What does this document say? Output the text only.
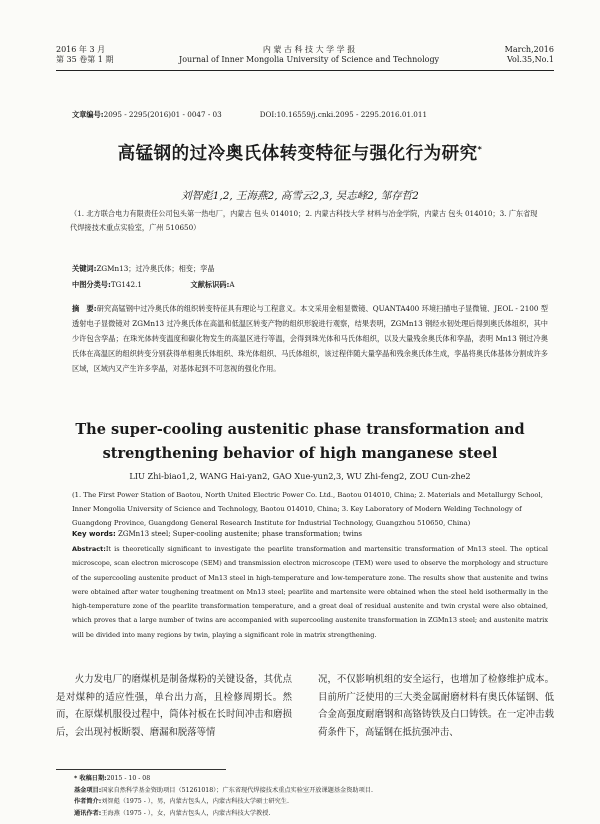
2016 年 3 月
第 35 卷第 1 期
内 蒙 古 科 技 大 学 学 报
Journal of Inner Mongolia University of Science and Technology
March,2016
Vol.35,No.1
文章编号:2095 - 2295(2016)01 - 0047 - 03	DOI:10.16559/j.cnki.2095 - 2295.2016.01.011
高锰钢的过冷奥氏体转变特征与强化行为研究*
刘智彪1,2, 王海燕2, 高雪云2,3, 吴志峰2, 邹存哲2
（1. 北方联合电力有限责任公司包头第一热电厂，内蒙古 包头 014010；2. 内蒙古科技大学 材料与冶金学院，内蒙古 包头 014010；3. 广东省现代焊接技术重点实验室，广州 510650）
关键词:ZGMn13；过冷奥氏体；相变；孪晶
中图分类号:TG142.1	文献标识码:A
摘　要:研究高锰钢中过冷奥氏体的组织转变特征具有理论与工程意义。本文采用金相显微镜、QUANTA400 环境扫描电子显微镜、JEOL - 2100 型透射电子显微镜对 ZGMn13 过冷奥氏体在高温和低温区转变产物的组织形貌进行观察，结果表明，ZGMn13 钢经水韧处理后得到奥氏体组织，其中少许包含孪晶；在珠光体转变温度和碳化物发生的高温区进行等温，会得到珠光体和马氏体组织，以及大量残余奥氏体和孪晶，表明 Mn13 钢过冷奥氏体在高温区的组织转变分别获得单相奥氏体组织、珠光体组织、马氏体组织，该过程伴随大量孪晶和残余奥氏体生成，孪晶将奥氏体基体分割成许多区域，区域内又产生许多孪晶，对基体起到不可忽视的强化作用。
The super-cooling austenitic phase transformation and strengthening behavior of high manganese steel
LIU Zhi-biao1,2, WANG Hai-yan2, GAO Xue-yun2,3, WU Zhi-feng2, ZOU Cun-zhe2
(1. The First Power Station of Baotou, North United Electric Power Co. Ltd., Baotou 014010, China; 2. Materials and Metallurgy School, Inner Mongolia University of Science and Technology, Baotou 014010, China; 3. Key Laboratory of Modern Welding Technology of Guangdong Province, Guangdong General Research Institute for Industrial Technology, Guangzhou 510650, China)
Key words: ZGMn13 steel; Super-cooling austenite; phase transformation; twins
Abstract:It is theoretically significant to investigate the pearlite transformation and martensitic transformation of Mn13 steel. The optical microscope, scan electron microscope (SEM) and transmission electron microscope (TEM) were used to observe the morphology and structure of the supercooling austenite product of Mn13 steel in high-temperature and low-temperature zone. The results show that austenite and twins were obtained after water toughening treatment on Mn13 steel; pearlite and martensite were obtained when the steel held isothermally in the high-temperature zone of the pearlite transformation temperature, and a great deal of residual austenite and twin crystal were also obtained, which proves that a large number of twins are accompanied with supercooling austenite transformation in ZGMn13 steel; and austenite matrix will be divided into many regions by twin, playing a significant role in matrix strengthening.
火力发电厂的磨煤机是制备煤粉的关键设备，其优点是对煤种的适应性强，单台出力高，且检修周期长。然而，在原煤机服役过程中，筒体衬板在长时间冲击和磨损后，会出现衬板断裂、磨漏和脱落等情
况，不仅影响机组的安全运行，也增加了检修维护成本。目前所广泛使用的三大类金属耐磨材料有奥氏体锰钢、低合金高强度耐磨钢和高铬铸铁及白口铸铁。在一定冲击载荷条件下，高锰钢在抵抗强冲击、
* 收稿日期:2015 - 10 - 08
基金项目:国家自然科学基金资助项目（51261018）；广东省现代焊接技术重点实验室开放课题基金资助项目.
作者简介:刘智彪（1975 - ），男，内蒙古包头人，内蒙古科技大学硕士研究生.
通讯作者:王海燕（1975 - ），女，内蒙古包头人，内蒙古科技大学教授.
